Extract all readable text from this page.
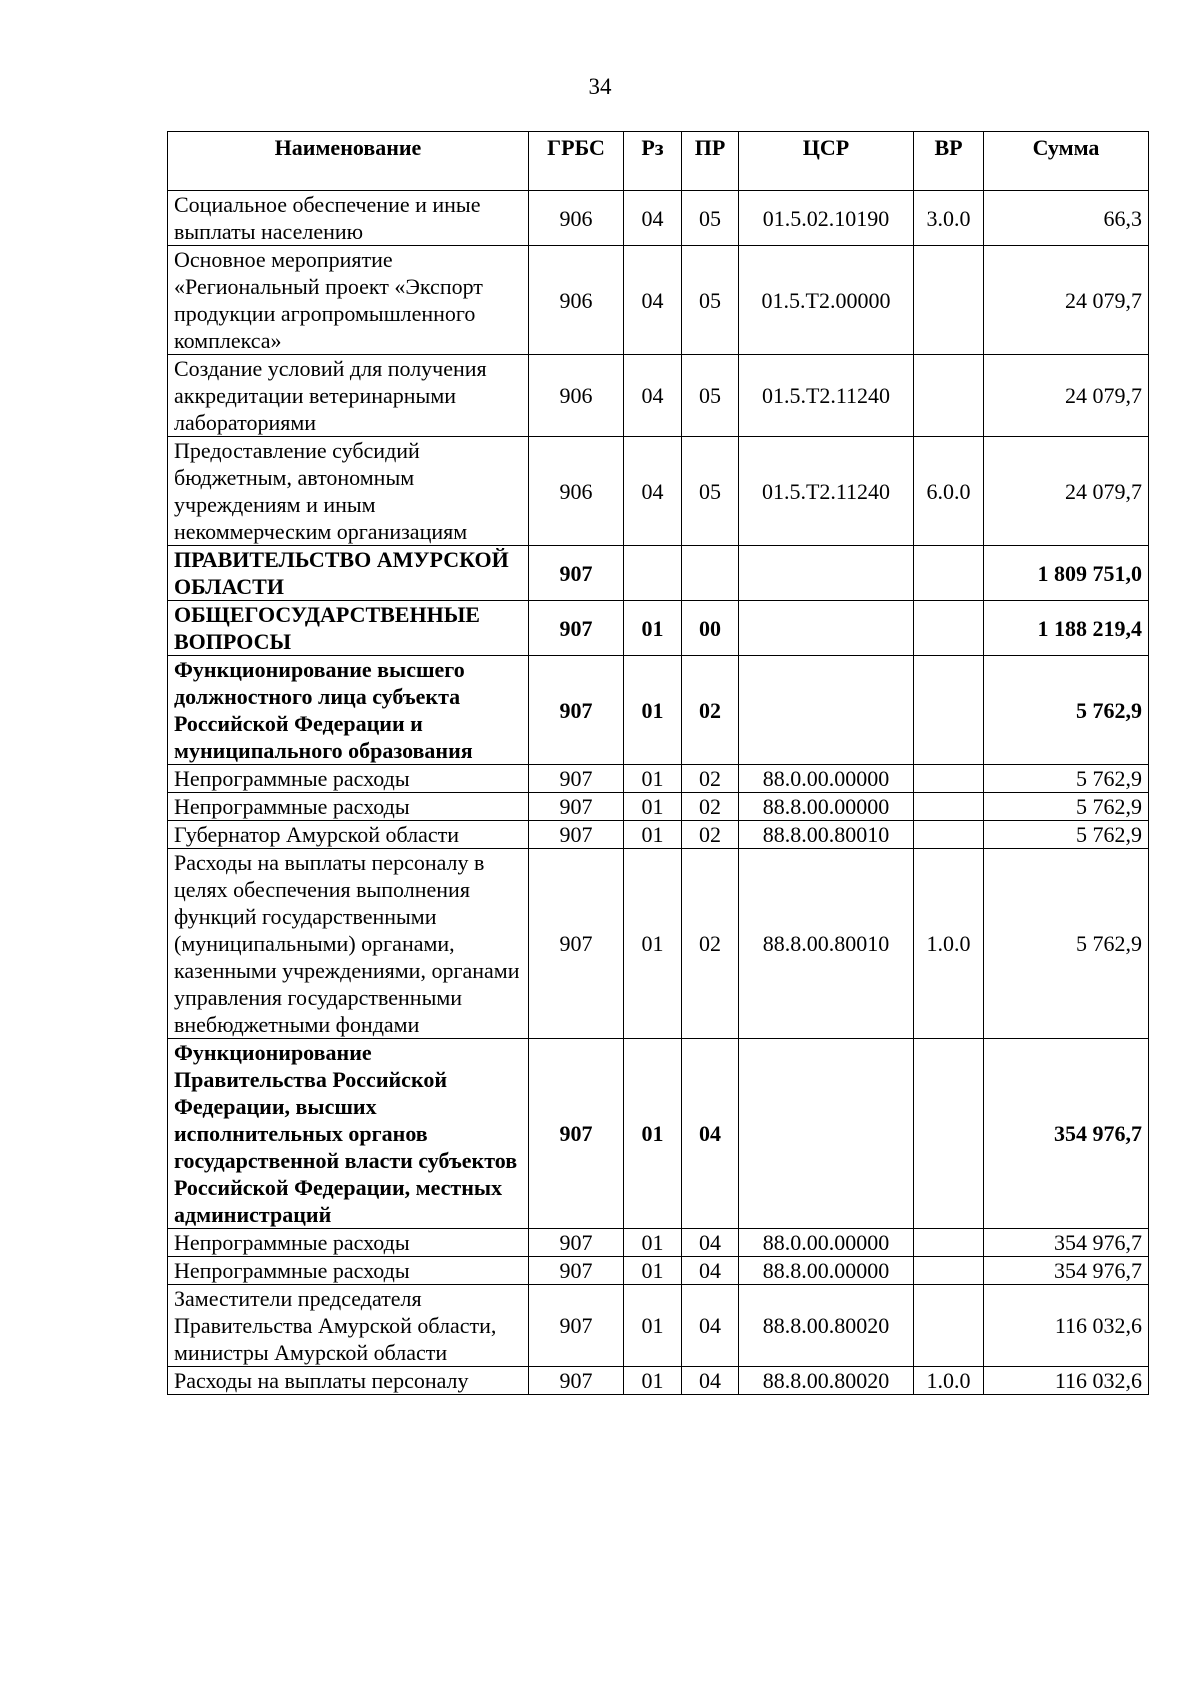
34
Наименование	ГРБС	Рз	ПР	ЦСР	ВР	Сумма
Социальное обеспечение и иные выплаты населению	906	04	05	01.5.02.10190	3.0.0	66,3
Основное мероприятие «Региональный проект «Экспорт продукции агропромышленного комплекса»	906	04	05	01.5.Т2.00000		24 079,7
Создание условий для получения аккредитации ветеринарными лабораториями	906	04	05	01.5.Т2.11240		24 079,7
Предоставление субсидий бюджетным, автономным учреждениям и иным некоммерческим организациям	906	04	05	01.5.Т2.11240	6.0.0	24 079,7
ПРАВИТЕЛЬСТВО АМУРСКОЙ ОБЛАСТИ	907					1 809 751,0
ОБЩЕГОСУДАРСТВЕННЫЕ ВОПРОСЫ	907	01	00			1 188 219,4
Функционирование высшего должностного лица субъекта Российской Федерации и муниципального образования	907	01	02			5 762,9
Непрограммные расходы	907	01	02	88.0.00.00000		5 762,9
Непрограммные расходы	907	01	02	88.8.00.00000		5 762,9
Губернатор Амурской области	907	01	02	88.8.00.80010		5 762,9
Расходы на выплаты персоналу в целях обеспечения выполнения функций государственными (муниципальными) органами, казенными учреждениями, органами управления государственными внебюджетными фондами	907	01	02	88.8.00.80010	1.0.0	5 762,9
Функционирование Правительства Российской Федерации, высших исполнительных органов государственной власти субъектов Российской Федерации, местных администраций	907	01	04			354 976,7
Непрограммные расходы	907	01	04	88.0.00.00000		354 976,7
Непрограммные расходы	907	01	04	88.8.00.00000		354 976,7
Заместители председателя Правительства Амурской области, министры Амурской области	907	01	04	88.8.00.80020		116 032,6
Расходы на выплаты персоналу	907	01	04	88.8.00.80020	1.0.0	116 032,6
